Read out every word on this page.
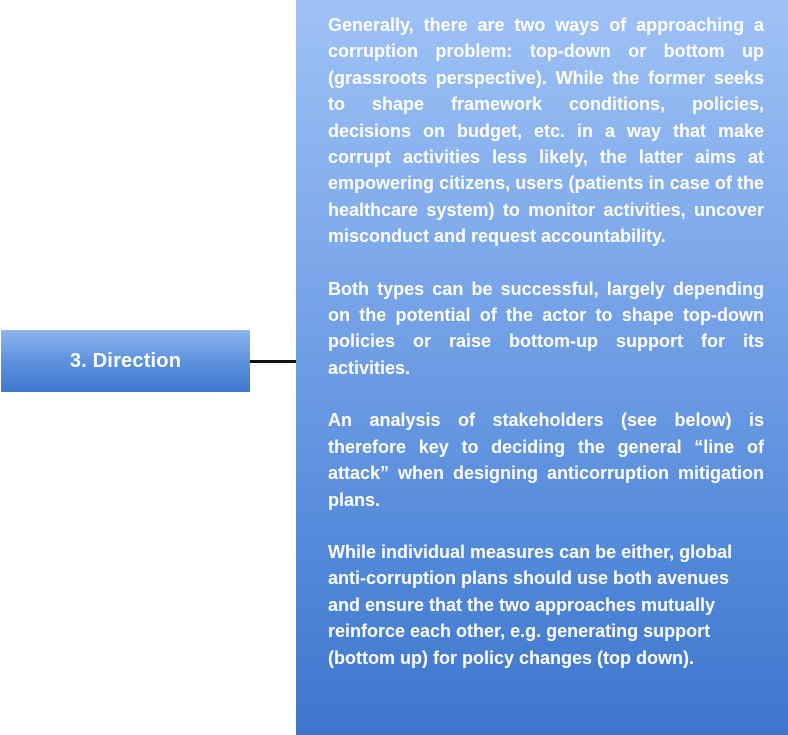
3. Direction

Generally, there are two ways of approaching a corruption problem: top-down or bottom up (grassroots perspective). While the former seeks to shape framework conditions, policies, decisions on budget, etc. in a way that make corrupt activities less likely, the latter aims at empowering citizens, users (patients in case of the healthcare system) to monitor activities, uncover misconduct and request accountability.

Both types can be successful, largely depending on the potential of the actor to shape top-down policies or raise bottom-up support for its activities.

An analysis of stakeholders (see below) is therefore key to deciding the general “line of attack” when designing anticorruption mitigation plans.

While individual measures can be either, global anti-corruption plans should use both avenues and ensure that the two approaches mutually reinforce each other, e.g. generating support (bottom up) for policy changes (top down).
